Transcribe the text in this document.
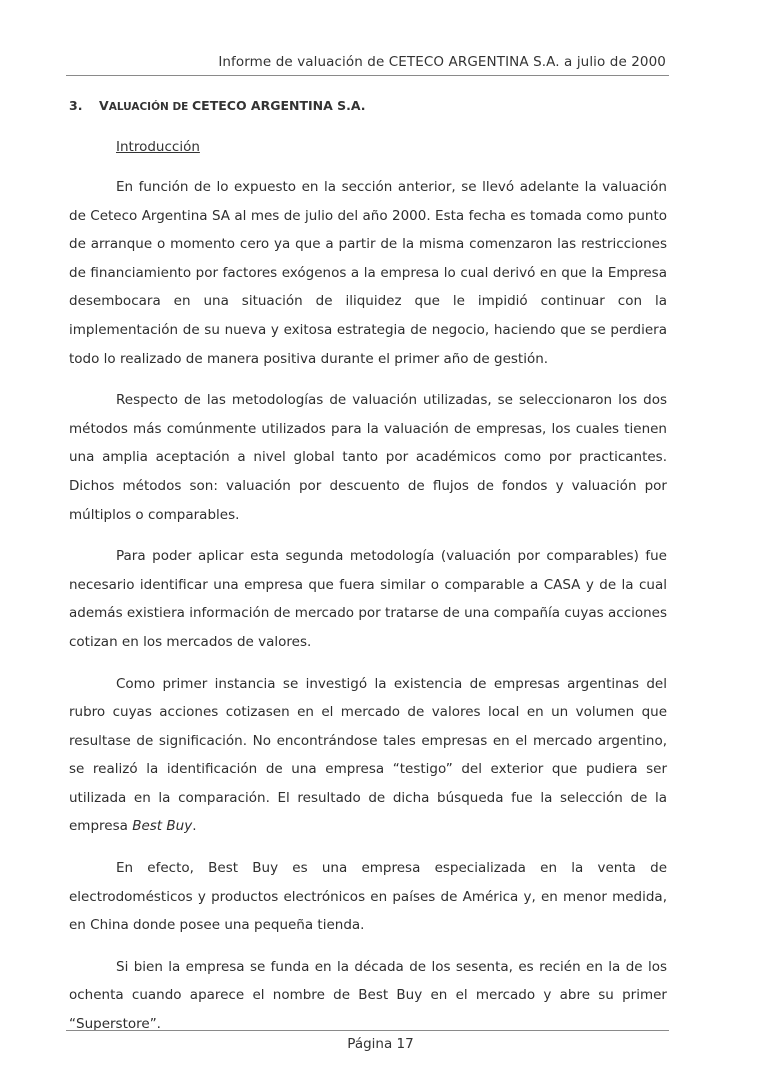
Informe de valuación de CETECO ARGENTINA S.A. a julio de 2000
3. VALUACIÓN DE CETECO ARGENTINA S.A.
Introducción

En función de lo expuesto en la sección anterior, se llevó adelante la valuación de Ceteco Argentina SA al mes de julio del año 2000. Esta fecha es tomada como punto de arranque o momento cero ya que a partir de la misma comenzaron las restricciones de financiamiento por factores exógenos a la empresa lo cual derivó en que la Empresa desembocara en una situación de iliquidez que le impidió continuar con la implementación de su nueva y exitosa estrategia de negocio, haciendo que se perdiera todo lo realizado de manera positiva durante el primer año de gestión.

Respecto de las metodologías de valuación utilizadas, se seleccionaron los dos métodos más comúnmente utilizados para la valuación de empresas, los cuales tienen una amplia aceptación a nivel global tanto por académicos como por practicantes. Dichos métodos son: valuación por descuento de flujos de fondos y valuación por múltiplos o comparables.

Para poder aplicar esta segunda metodología (valuación por comparables) fue necesario identificar una empresa que fuera similar o comparable a CASA y de la cual además existiera información de mercado por tratarse de una compañía cuyas acciones cotizan en los mercados de valores.

Como primer instancia se investigó la existencia de empresas argentinas del rubro cuyas acciones cotizasen en el mercado de valores local en un volumen que resultase de significación. No encontrándose tales empresas en el mercado argentino, se realizó la identificación de una empresa “testigo” del exterior que pudiera ser utilizada en la comparación. El resultado de dicha búsqueda fue la selección de la empresa Best Buy.

En efecto, Best Buy es una empresa especializada en la venta de electrodomésticos y productos electrónicos en países de América y, en menor medida, en China donde posee una pequeña tienda.

Si bien la empresa se funda en la década de los sesenta, es recién en la de los ochenta cuando aparece el nombre de Best Buy en el mercado y abre su primer “Superstore”.

Página 17
